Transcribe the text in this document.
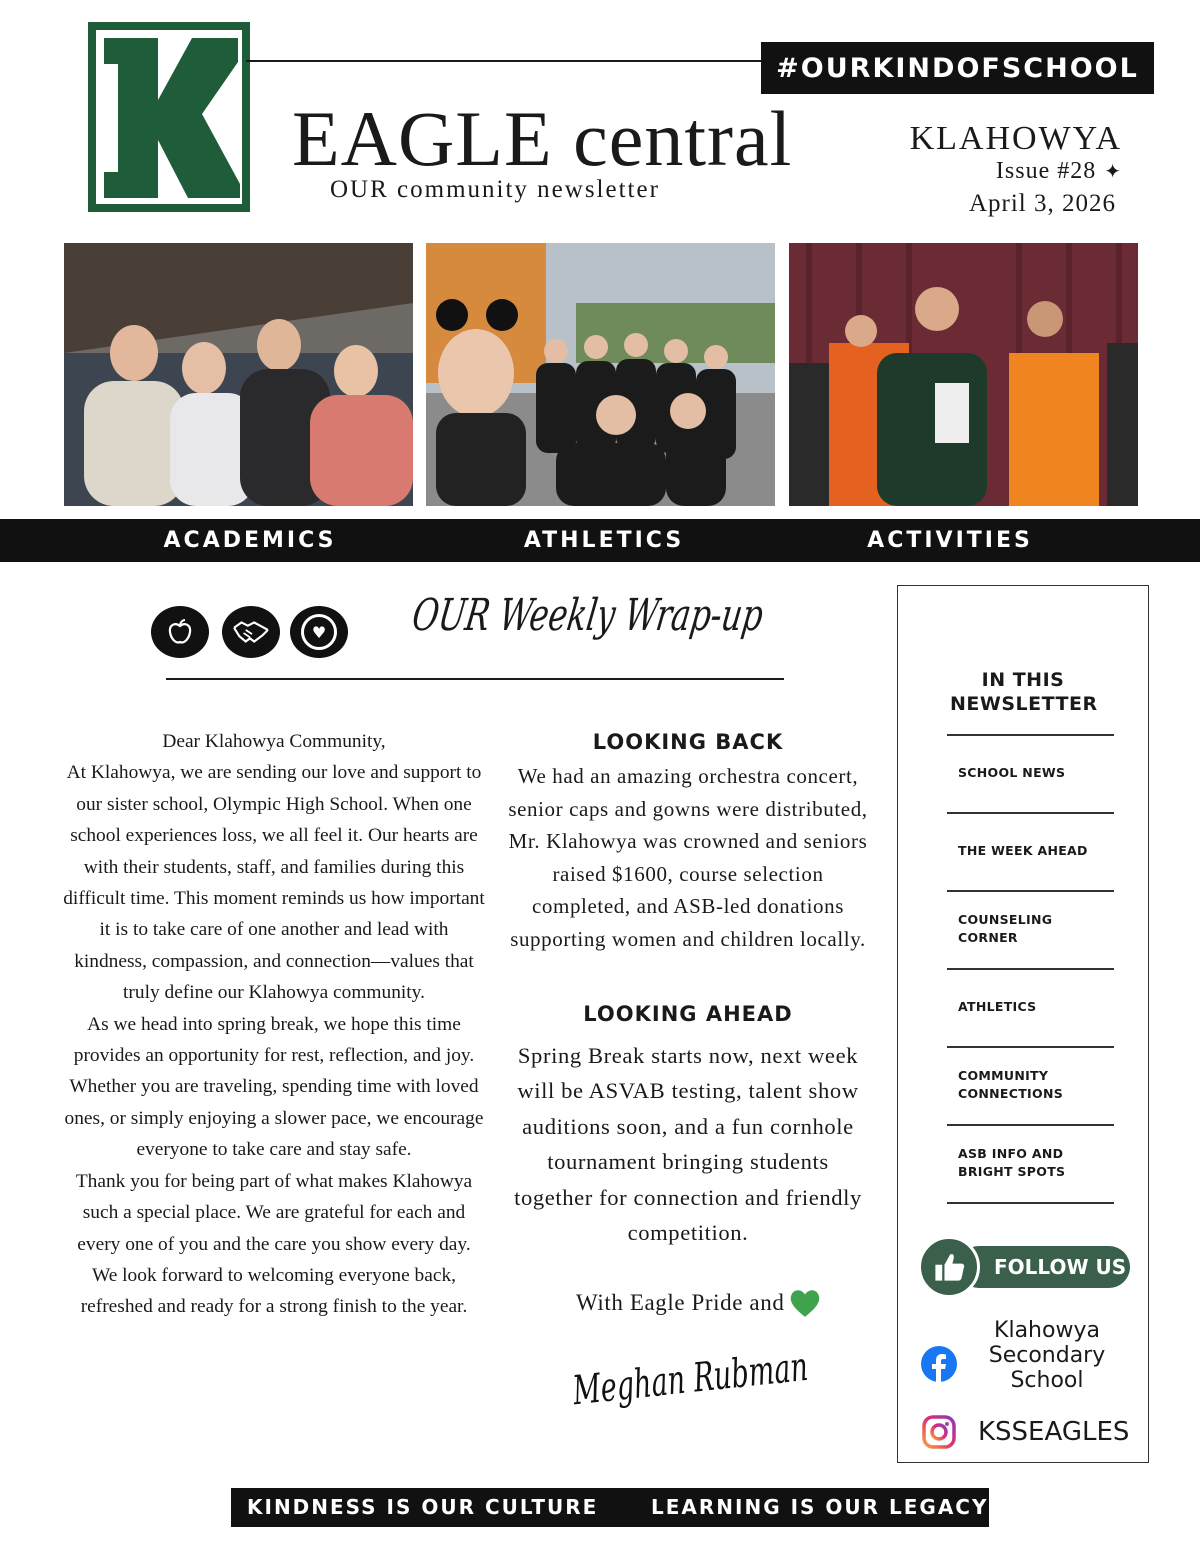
#OURKINDOFSCHOOL
EAGLE central
OUR community newsletter
KLAHOWYA
Issue #28 ✦
April 3, 2026
ACADEMICS	ATHLETICS	ACTIVITIES
♥ OUR Weekly Wrap-up

Dear Klahowya Community,

At Klahowya, we are sending our love and support to our sister school, Olympic High School. When one school experiences loss, we all feel it. Our hearts are with their students, staff, and families during this difficult time. This moment reminds us how important it is to take care of one another and lead with kindness, compassion, and connection—values that truly define our Klahowya community.

As we head into spring break, we hope this time provides an opportunity for rest, reflection, and joy. Whether you are traveling, spending time with loved ones, or simply enjoying a slower pace, we encourage everyone to take care and stay safe.

Thank you for being part of what makes Klahowya such a special place. We are grateful for each and every one of you and the care you show every day.

We look forward to welcoming everyone back, refreshed and ready for a strong finish to the year.

LOOKING BACK
We had an amazing orchestra concert, senior caps and gowns were distributed, Mr. Klahowya was crowned and seniors raised $1600, course selection completed, and ASB-led donations supporting women and children locally.
LOOKING AHEAD
Spring Break starts now, next week will be ASVAB testing, talent show auditions soon, and a fun cornhole tournament bringing students together for connection and friendly competition.
With Eagle Pride and
Meghan Rubman
IN THIS NEWSLETTER
SCHOOL NEWS
THE WEEK AHEAD
COUNSELING CORNER
ATHLETICS
COMMUNITY CONNECTIONS
ASB INFO AND BRIGHT SPOTS
FOLLOW US
Klahowya Secondary School
KSSEAGLES
KINDNESS IS OUR CULTURE	LEARNING IS OUR LEGACY
